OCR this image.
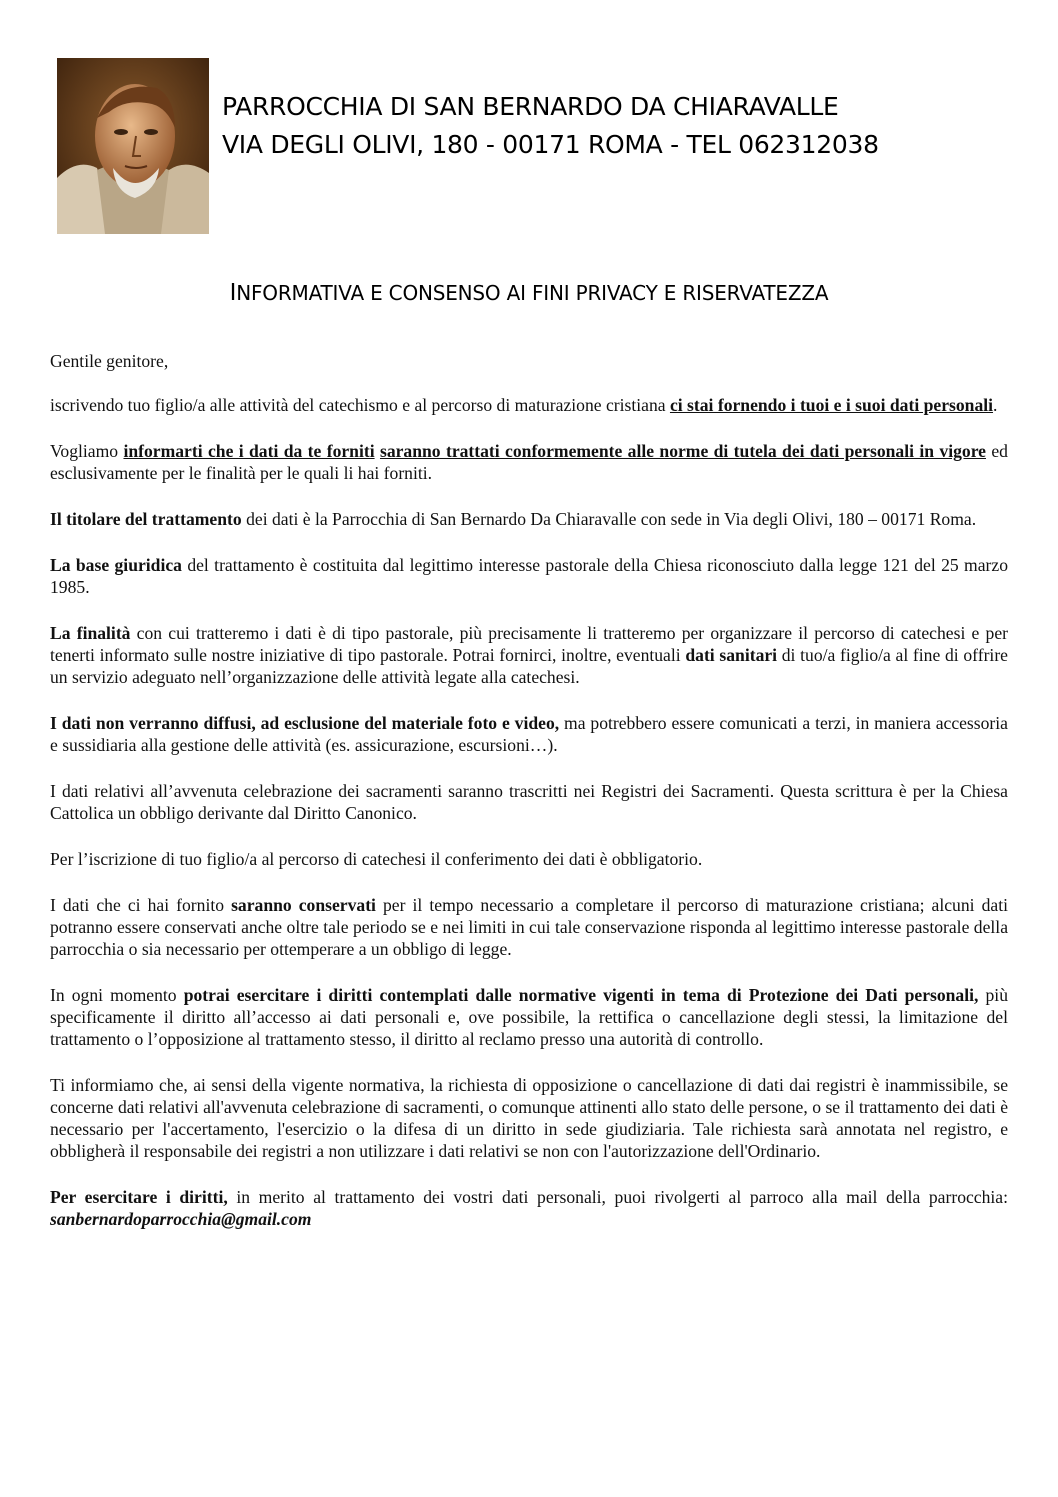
PARROCCHIA DI SAN BERNARDO DA CHIARAVALLE
VIA DEGLI OLIVI, 180 - 00171 ROMA - TEL 062312038
INFORMATIVA E CONSENSO AI FINI PRIVACY E RISERVATEZZA

Gentile genitore,

iscrivendo tuo figlio/a alle attività del catechismo e al percorso di maturazione cristiana ci stai fornendo i tuoi e i suoi dati personali.

Vogliamo informarti che i dati da te forniti saranno trattati conformemente alle norme di tutela dei dati personali in vigore ed esclusivamente per le finalità per le quali li hai forniti.

Il titolare del trattamento dei dati è la Parrocchia di San Bernardo Da Chiaravalle con sede in Via degli Olivi, 180 – 00171 Roma.

La base giuridica del trattamento è costituita dal legittimo interesse pastorale della Chiesa riconosciuto dalla legge 121 del 25 marzo 1985.

La finalità con cui tratteremo i dati è di tipo pastorale, più precisamente li tratteremo per organizzare il percorso di catechesi e per tenerti informato sulle nostre iniziative di tipo pastorale. Potrai fornirci, inoltre, eventuali dati sanitari di tuo/a figlio/a al fine di offrire un servizio adeguato nell’organizzazione delle attività legate alla catechesi.

I dati non verranno diffusi, ad esclusione del materiale foto e video, ma potrebbero essere comunicati a terzi, in maniera accessoria e sussidiaria alla gestione delle attività (es. assicurazione, escursioni…).

I dati relativi all’avvenuta celebrazione dei sacramenti saranno trascritti nei Registri dei Sacramenti. Questa scrittura è per la Chiesa Cattolica un obbligo derivante dal Diritto Canonico.

Per l’iscrizione di tuo figlio/a al percorso di catechesi il conferimento dei dati è obbligatorio.

I dati che ci hai fornito saranno conservati per il tempo necessario a completare il percorso di maturazione cristiana; alcuni dati potranno essere conservati anche oltre tale periodo se e nei limiti in cui tale conservazione risponda al legittimo interesse pastorale della parrocchia o sia necessario per ottemperare a un obbligo di legge.

In ogni momento potrai esercitare i diritti contemplati dalle normative vigenti in tema di Protezione dei Dati personali, più specificamente il diritto all’accesso ai dati personali e, ove possibile, la rettifica o cancellazione degli stessi, la limitazione del trattamento o l’opposizione al trattamento stesso, il diritto al reclamo presso una autorità di controllo.

Ti informiamo che, ai sensi della vigente normativa, la richiesta di opposizione o cancellazione di dati dai registri è inammissibile, se concerne dati relativi all'avvenuta celebrazione di sacramenti, o comunque attinenti allo stato delle persone, o se il trattamento dei dati è necessario per l'accertamento, l'esercizio o la difesa di un diritto in sede giudiziaria. Tale richiesta sarà annotata nel registro, e obbligherà il responsabile dei registri a non utilizzare i dati relativi se non con l'autorizzazione dell'Ordinario.

Per esercitare i diritti, in merito al trattamento dei vostri dati personali, puoi rivolgerti al parroco alla mail della parrocchia: sanbernardoparrocchia@gmail.com
